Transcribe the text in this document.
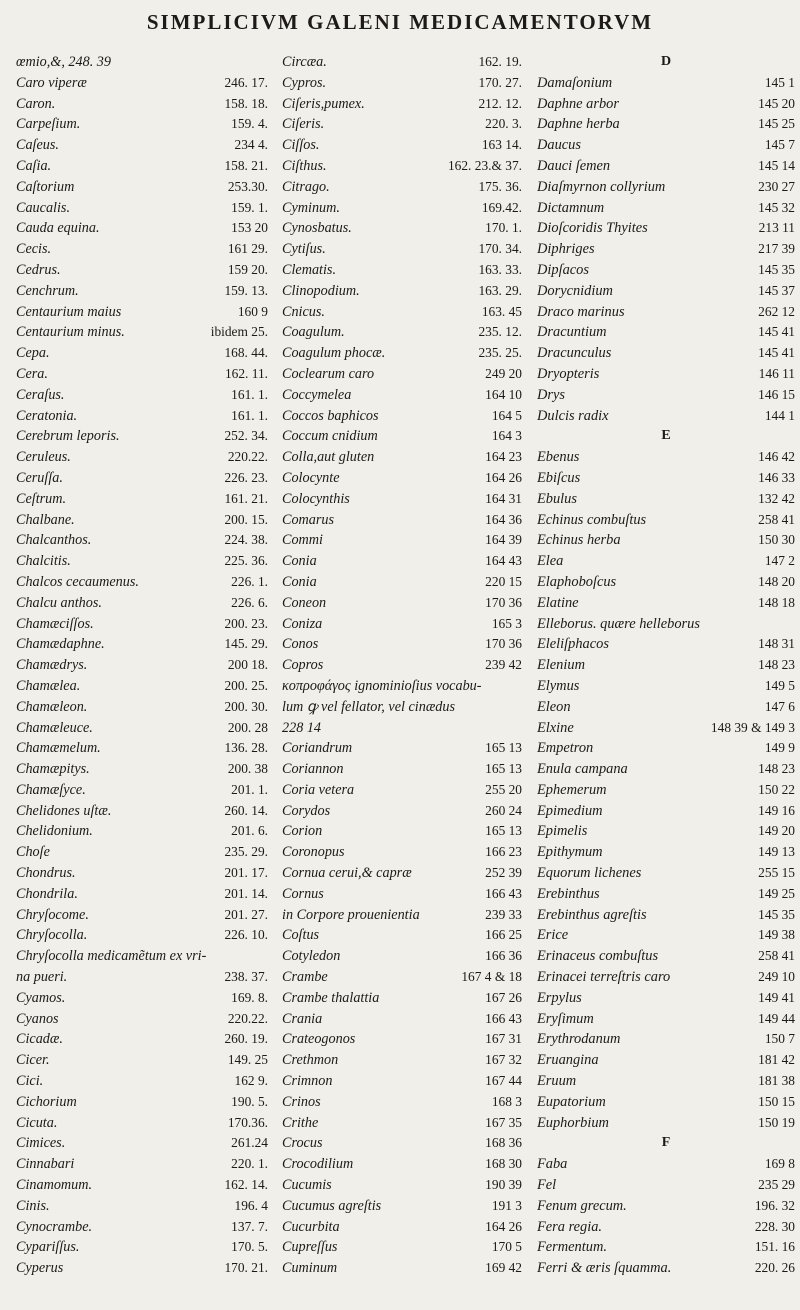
SIMPLICIVM GALENI MEDICAMENTORVM
œmio,&, 248. 39
Caro viperæ	246. 17.
Caron.	158. 18.
Carpeſium.	159. 4.
Caſeus.	234 4.
Caſia.	158. 21.
Caſtorium	253.30.
Caucalis.	159. 1.
Cauda equina.	153 20
Cecis.	161 29.
Cedrus.	159 20.
Cenchrum.	159. 13.
Centaurium maius	160 9
Centaurium minus.	ibidem 25.
Cepa.	168. 44.
Cera.	162. 11.
Ceraſus.	161. 1.
Ceratonia.	161. 1.
Cerebrum leporis.	252. 34.
Ceruleus.	220.22.
Ceruſſa.	226. 23.
Ceſtrum.	161. 21.
Chalbane.	200. 15.
Chalcanthos.	224. 38.
Chalcitis.	225. 36.
Chalcos cecaumenus.	226. 1.
Chalcu anthos.	226. 6.
Chamæciſſos.	200. 23.
Chamædaphne.	145. 29.
Chamædrys.	200 18.
Chamælea.	200. 25.
Chamæleon.	200. 30.
Chamæleuce.	200. 28
Chamæmelum.	136. 28.
Chamæpitys.	200. 38
Chamæſyce.	201. 1.
Chelidones uſtæ.	260. 14.
Chelidonium.	201. 6.
Choſe	235. 29.
Chondrus.	201. 17.
Chondrila.	201. 14.
Chryſocome.	201. 27.
Chryſocolla.	226. 10.
Chryſocolla medicamẽtum ex vri-
na pueri.	238. 37.
Cyamos.	169. 8.
Cyanos	220.22.
Cicadæ.	260. 19.
Cicer.	149. 25
Cici.	162 9.
Cichorium	190. 5.
Cicuta.	170.36.
Cimices.	261.24
Cinnabari	220. 1.
Cinamomum.	162. 14.
Cinis.	196. 4
Cynocrambe.	137. 7.
Cypariſſus.	170. 5.
Cyperus	170. 21.
Circæa.	162. 19.
Cypros.	170. 27.
Ciſeris,pumex.	212. 12.
Ciſeris.	220. 3.
Ciſſos.	163 14.
Ciſthus.	162. 23.& 37.
Citrago.	175. 36.
Cyminum.	169.42.
Cynosbatus.	170. 1.
Cytiſus.	170. 34.
Clematis.	163. 33.
Clinopodium.	163. 29.
Cnicus.	163. 45
Coagulum.	235. 12.
Coagulum phocæ.	235. 25.
Coclearum caro	249 20
Coccymelea	164 10
Coccos baphicos	164 5
Coccum cnidium	164 3
Colla,aut gluten	164 23
Colocynte	164 26
Colocynthis	164 31
Comarus	164 36
Commi	164 39
Conia	164 43
Conia	220 15
Coneon	170 36
Coniza	165 3
Conos	170 36
Copros	239 42
κοπροφάγος ignominioſius vocabu-
lum ꝙ vel fellator, vel cinædus
228 14
Coriandrum	165 13
Coriannon	165 13
Coria vetera	255 20
Corydos	260 24
Corion	165 13
Coronopus	166 23
Cornua cerui,& capræ	252 39
Cornus	166 43
in Corpore prouenientia	239 33
Coſtus	166 25
Cotyledon	166 36
Crambe	167 4 & 18
Crambe thalattia	167 26
Crania	166 43
Crateogonos	167 31
Crethmon	167 32
Crimnon	167 44
Crinos	168 3
Crithe	167 35
Crocus	168 36
Crocodilium	168 30
Cucumis	190 39
Cucumus agreſtis	191 3
Cucurbita	164 26
Cupreſſus	170 5
Cuminum	169 42
D
Damaſonium	145 1
Daphne arbor	145 20
Daphne herba	145 25
Daucus	145 7
Dauci ſemen	145 14
Diaſmyrnon collyrium	230 27
Dictamnum	145 32
Dioſcoridis Thyites	213 11
Diphriges	217 39
Dipſacos	145 35
Dorycnidium	145 37
Draco marinus	262 12
Dracuntium	145 41
Dracunculus	145 41
Dryopteris	146 11
Drys	146 15
Dulcis radix	144 1
E
Ebenus	146 42
Ebiſcus	146 33
Ebulus	132 42
Echinus combuſtus	258 41
Echinus herba	150 30
Elea	147 2
Elaphoboſcus	148 20
Elatine	148 18
Elleborus. quære helleborus
Eleliſphacos	148 31
Elenium	148 23
Elymus	149 5
Eleon	147 6
Elxine	148 39 & 149 3
Empetron	149 9
Enula campana	148 23
Ephemerum	150 22
Epimedium	149 16
Epimelis	149 20
Epithymum	149 13
Equorum lichenes	255 15
Erebinthus	149 25
Erebinthus agreſtis	145 35
Erice	149 38
Erinaceus combuſtus	258 41
Erinacei terreſtris caro	249 10
Erpylus	149 41
Eryſimum	149 44
Erythrodanum	150 7
Eruangina	181 42
Eruum	181 38
Eupatorium	150 15
Euphorbium	150 19
F
Faba	169 8
Fel	235 29
Fenum grecum.	196. 32
Fera regia.	228. 30
Fermentum.	151. 16
Ferri & æris ſquamma.	220. 26
